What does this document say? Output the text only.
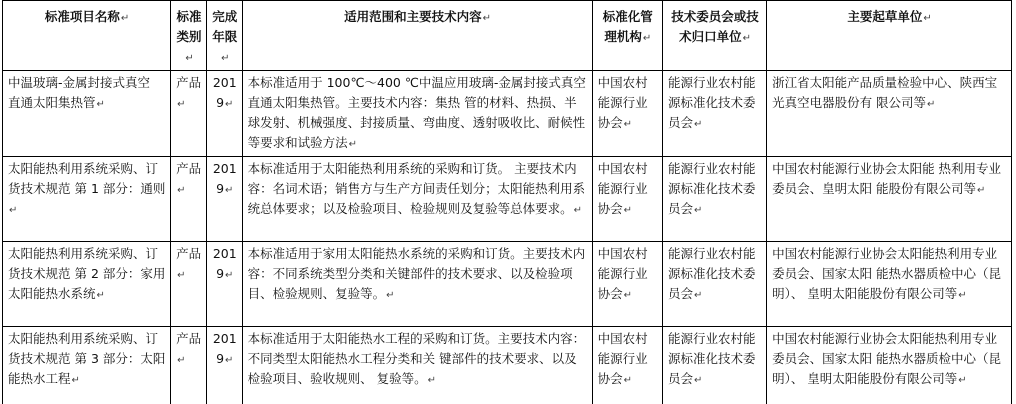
标准项目名称↵	标准类别↵	完成年限↵	适用范围和主要技术内容↵	标准化管理机构↵	技术委员会或技术归口单位↵	主要起草单位↵
中温玻璃-金属封接式真空 直通太阳集热管↵	产品↵	2019↵	本标准适用于 100℃～400 ℃中温应用玻璃-金属封接式真空直通太阳集热管。主要技术内容：集热 管的材料、热损、半球发射、机械强度、封接质量、弯曲度、透射吸收比、耐候性等要求和试验方法↵	中国农村能源行业协会↵	能源行业农村能源标准化技术委员会↵	浙江省太阳能产品质量检验中心、陕西宝光真空电器股份有 限公司等↵
太阳能热利用系统采购、订货技术规范 第 1 部分：通则↵	产品↵	2019↵	本标准适用于太阳能热利用系统的采购和订货。 主要技术内容：名词术语；销售方与生产方间责任划分；太阳能热利用系统总体要求；以及检验项目、检验规则及复验等总体要求。↵	中国农村能源行业协会↵	能源行业农村能源标准化技术委员会↵	中国农村能源行业协会太阳能 热利用专业委员会、皇明太阳 能股份有限公司等↵
太阳能热利用系统采购、订货技术规范 第 2 部分：家用太阳能热水系统↵	产品↵	2019↵	本标准适用于家用太阳能热水系统的采购和订货。主要技术内容：不同系统类型分类和关键部件的技术要求、以及检验项目、检验规则、复验等。↵	中国农村能源行业协会↵	能源行业农村能源标准化技术委员会↵	中国农村能源行业协会太阳能热利用专业委员会、国家太阳 能热水器质检中心（昆明）、 皇明太阳能股份有限公司等↵
太阳能热利用系统采购、订货技术规范 第 3 部分：太阳能热水工程↵	产品↵	2019↵	本标准适用于太阳能热水工程的采购和订货。主要技术内容：不同类型太阳能热水工程分类和关 键部件的技术要求、以及检验项目、验收规则、 复验等。↵	中国农村能源行业协会↵	能源行业农村能源标准化技术委员会↵	中国农村能源行业协会太阳能热利用专业委员会、国家太阳 能热水器质检中心（昆明）、 皇明太阳能股份有限公司等↵
